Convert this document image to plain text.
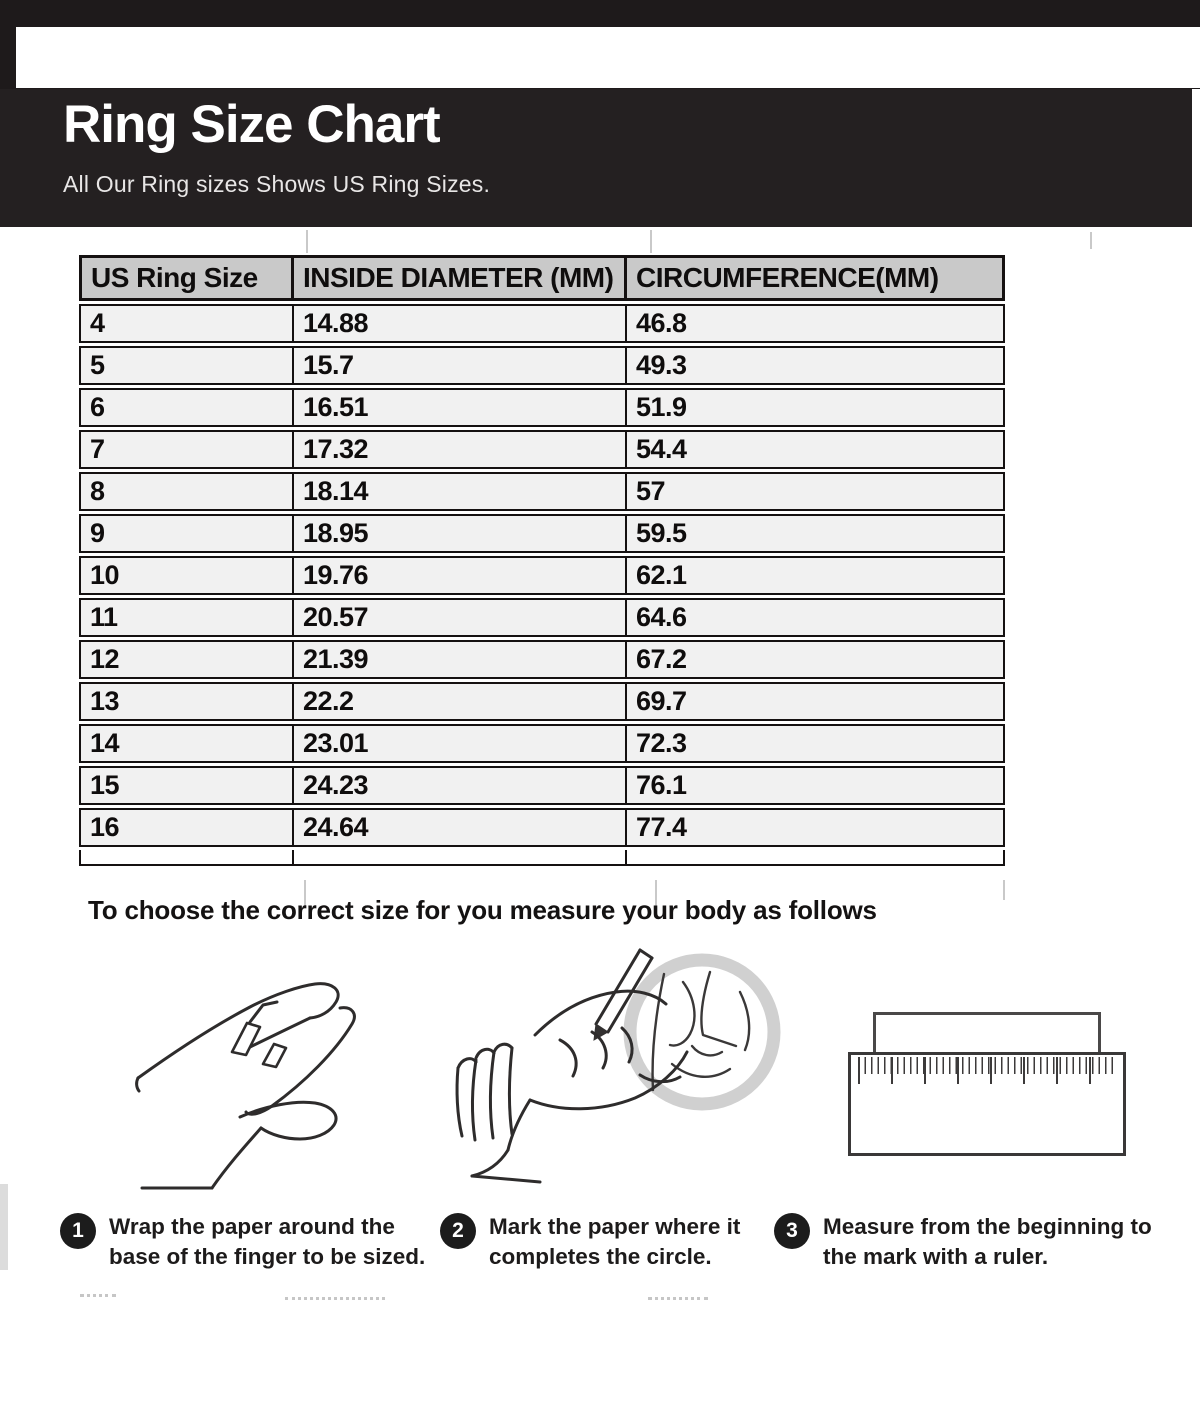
Ring Size Chart

All Our Ring sizes Shows US Ring Sizes.

US Ring Size	INSIDE DIAMETER (MM)	CIRCUMFERENCE(MM)
4	14.88	46.8
5	15.7	49.3
6	16.51	51.9
7	17.32	54.4
8	18.14	57
9	18.95	59.5
10	19.76	62.1
11	20.57	64.6
12	21.39	67.2
13	22.2	69.7
14	23.01	72.3
15	24.23	76.1
16	24.64	77.4

To choose the correct size for you measure your body as follows
1	Wrap the paper around the
base of the finger to be sized.

2	Mark the paper where it
completes the circle.

3	Measure from the beginning to
the mark with a ruler.
